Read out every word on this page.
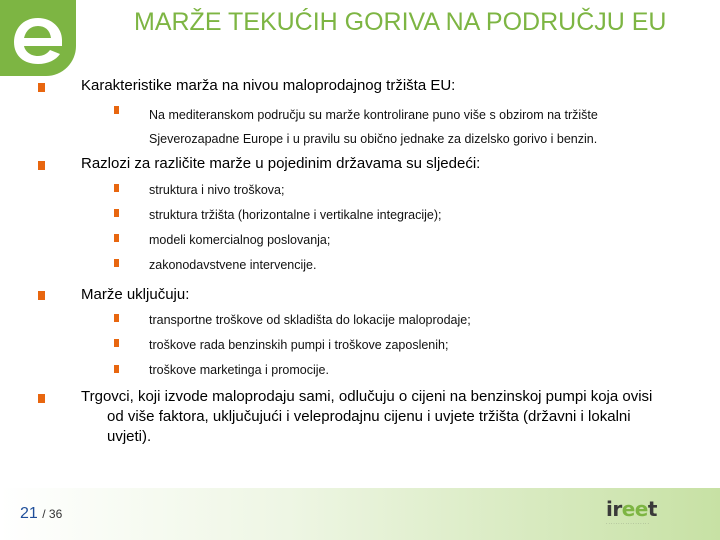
MARŽE TEKUĆIH GORIVA NA PODRUČJU EU
Karakteristike marža na nivou maloprodajnog tržišta EU:
Na mediteranskom području su marže kontrolirane puno više s obzirom na tržište Sjeverozapadne Europe i u pravilu su obično jednake za dizelsko gorivo i benzin.
Razlozi za različite marže u pojedinim državama su sljedeći:
struktura i nivo troškova;
struktura tržišta (horizontalne i vertikalne integracije);
modeli komercialnog poslovanja;
zakonodavstvene intervencije.
Marže uključuju:
transportne troškove od skladišta do lokacije maloprodaje;
troškove rada benzinskih pumpi i troškove zaposlenih;
troškove marketinga i promocije.
Trgovci, koji izvode maloprodaju sami, odlučuju o cijeni na benzinskoj pumpi koja ovisi od više faktora, uključujući i veleprodajnu cijenu i uvjete tržišta (državni i lokalni uvjeti).
21 / 36	ireet
· · · · · · · · · · · · · · · · · ·
